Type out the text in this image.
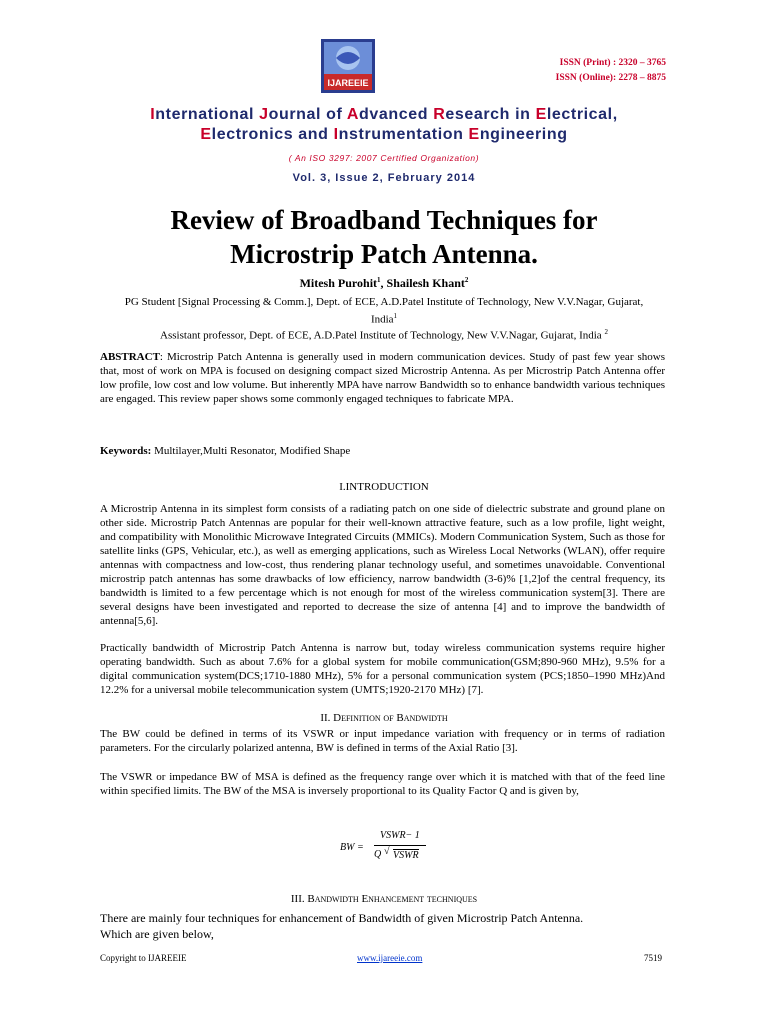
IJAREEIE
ISSN (Print) : 2320 – 3765
ISSN (Online): 2278 – 8875
International Journal of Advanced Research in Electrical,
Electronics and Instrumentation Engineering
( An ISO 3297: 2007 Certified Organization)
Vol. 3, Issue 2, February 2014
Review of Broadband Techniques for
Microstrip Patch Antenna.
Mitesh Purohit$^1$, Shailesh Khant$^2$
PG Student [Signal Processing & Comm.], Dept. of ECE, A.D.Patel Institute of Technology, New V.V.Nagar, Gujarat,
India$^1$
Assistant professor, Dept. of ECE, A.D.Patel Institute of Technology, New V.V.Nagar, Gujarat, India $^2$
ABSTRACT: Microstrip Patch Antenna is generally used in modern communication devices. Study of past few year shows that, most of work on MPA is focused on designing compact sized Microstrip Antenna. As per Microstrip Patch Antenna offer low profile, low cost and low volume. But inherently MPA have narrow Bandwidth so to enhance bandwidth various techniques are engaged. This review paper shows some commonly engaged techniques to fabricate MPA.
Keywords: Multilayer,Multi Resonator, Modified Shape
I.INTRODUCTION
A Microstrip Antenna in its simplest form consists of a radiating patch on one side of dielectric substrate and ground plane on other side. Microstrip Patch Antennas are popular for their well-known attractive feature, such as a low profile, light weight, and compatibility with Monolithic Microwave Integrated Circuits (MMICs). Modern Communication System, Such as those for satellite links (GPS, Vehicular, etc.), as well as emerging applications, such as Wireless Local Networks (WLAN), offer require antennas with compactness and low-cost, thus rendering planar technology useful, and sometimes unavoidable. Conventional microstrip patch antennas has some drawbacks of low efficiency, narrow bandwidth (3-6)% [1,2]of the central frequency, its bandwidth is limited to a few percentage which is not enough for most of the wireless communication system[3]. There are several designs have been investigated and reported to decrease the size of antenna [4] and to improve the bandwidth of antenna[5,6].
Practically bandwidth of Microstrip Patch Antenna is narrow but, today wireless communication systems require higher operating bandwidth. Such as about 7.6% for a global system for mobile communication(GSM;890-960 MHz), 9.5% for a digital communication system(DCS;1710-1880 MHz), 5% for a personal communication system (PCS;1850–1990 MHz)And 12.2% for a universal mobile telecommunication system (UMTS;1920-2170 MHz) [7].
II. Definition of Bandwidth
The BW could be defined in terms of its VSWR or input impedance variation with frequency or in terms of radiation parameters. For the circularly polarized antenna, BW is defined in terms of the Axial Ratio [3].
The VSWR or impedance BW of MSA is defined as the frequency range over which it is matched with that of the feed line within specified limits. The BW of the MSA is inversely proportional to its Quality Factor Q and is given by,
BW =
VSWR− 1
Q √ VSWR
III. Bandwidth Enhancement techniques
There are mainly four techniques for enhancement of Bandwidth of given Microstrip Patch Antenna.
Which are given below,
Copyright to IJAREEIE	www.ijareeie.com	7519
